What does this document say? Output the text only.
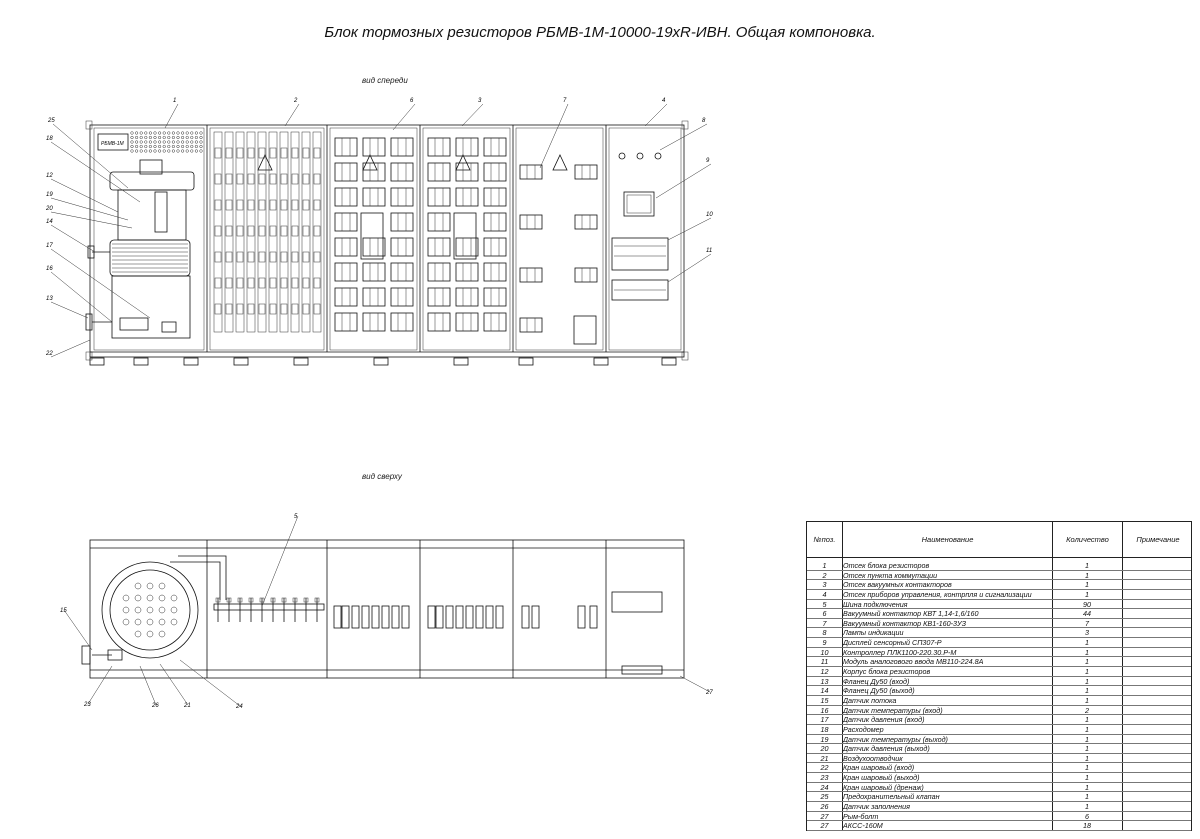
Блок тормозных резисторов РБМВ-1М-10000-19хR-ИВН. Общая компоновка.
вид спереди
вид сверху
РБМВ-1М
1	2	6	3	7	4
8
9
10
11
25
18
12
19
20
14
17
16
13
22
5
15
23	26	21	24
27
№поз.	Наименование	Количество	Примечание
1	Отсек блока резисторов	1
2	Отсек пункта коммутации	1
3	Отсек вакуумных контакторов	1
4	Отсек приборов управления, контрпля и сигнализации	1
5	Шина подключения	90
6	Вакуумный контактор КВТ 1,14-1,6/160	44
7	Вакуумный контактор КВ1-160-3УЗ	7
8	Лампы индикации	3
9	Дисплей сенсорный СП307-Р	1
10	Контроллер ПЛК1100-220.30.Р-М	1
11	Модуль аналогового ввода МВ110-224.8А	1
12	Корпус блока резисторов	1
13	Фланец Ду50 (вход)	1
14	Фланец Ду50 (выход)	1
15	Датчик потока	1
16	Датчик температуры (вход)	2
17	Датчик давления (вход)	1
18	Расходомер	1
19	Датчик температуры (выход)	1
20	Датчик давления (выход)	1
21	Воздухоотводчик	1
22	Кран шаровый (вход)	1
23	Кран шаровый (выход)	1
24	Кран шаровый (дренаж)	1
25	Предохранительный клапан	1
26	Датчик заполнения	1
27	Рым-болт	6
27	АКСС-160М	18
